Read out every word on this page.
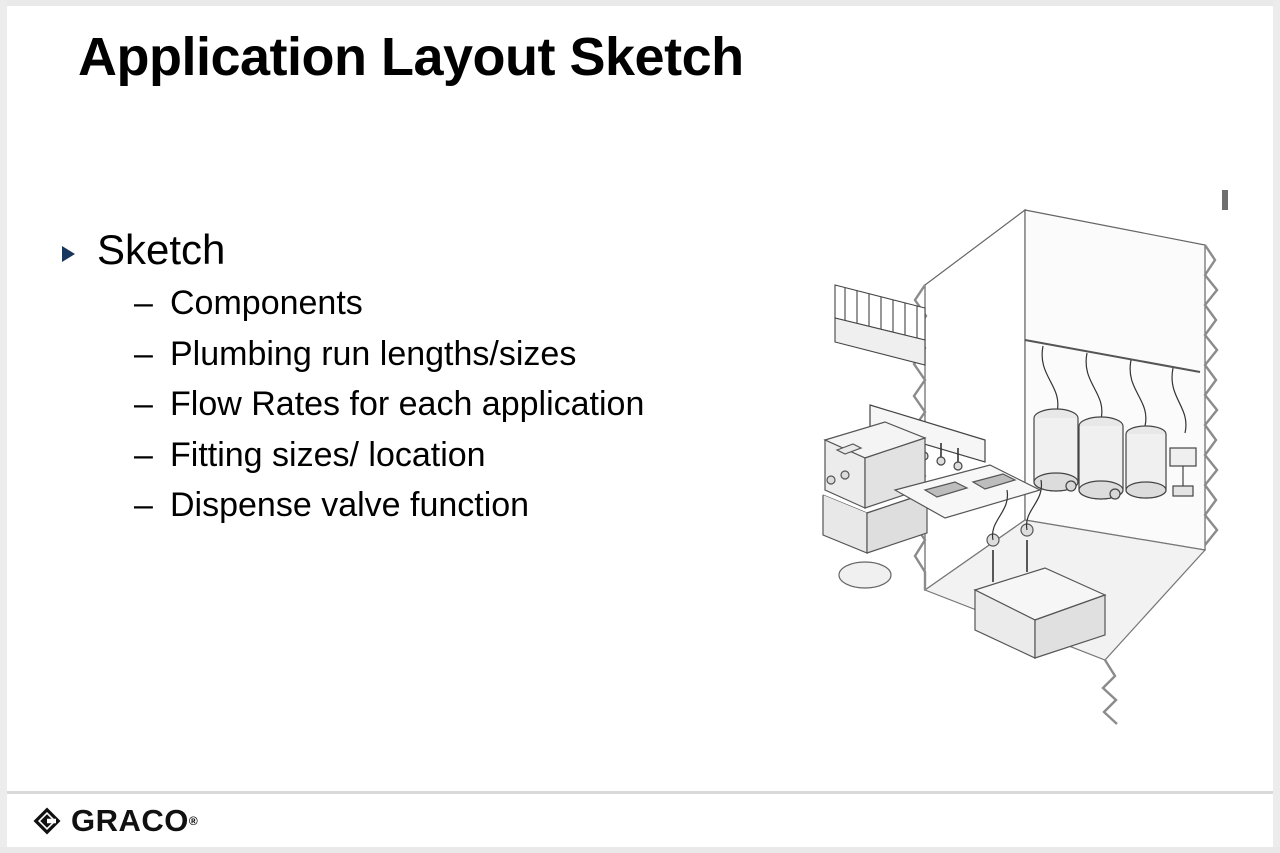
Application Layout Sketch
Sketch
– Components
– Plumbing run lengths/sizes
– Flow Rates for each application
– Fitting sizes/ location
– Dispense valve function
GRACO ®
